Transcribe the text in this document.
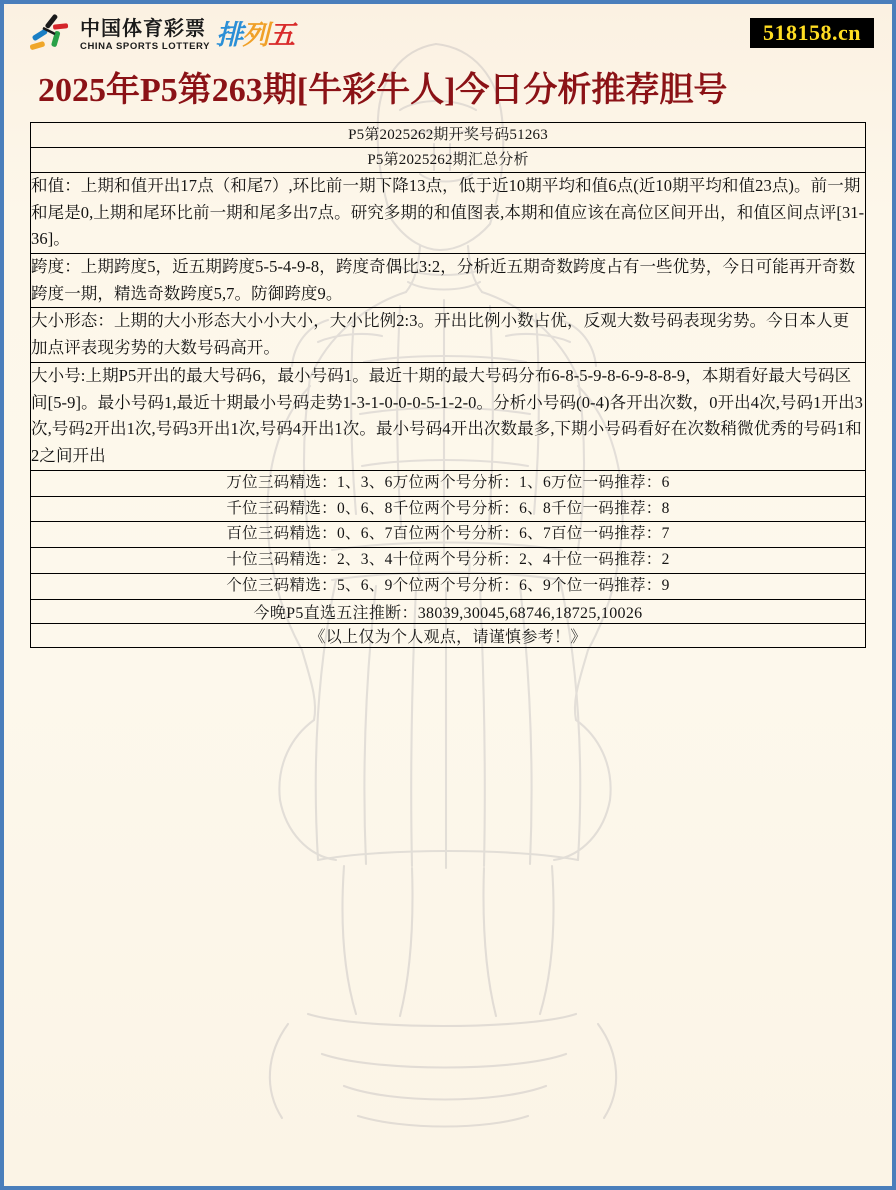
中国体育彩票
CHINA SPORTS LOTTERY 排列五	518158.cn
2025年P5第263期[牛彩牛人]今日分析推荐胆号
P5第2025262期开奖号码51263
P5第2025262期汇总分析
和值：上期和值开出17点（和尾7）,环比前一期下降13点，低于近10期平均和值6点(近10期平均和值23点)。前一期和尾是0,上期和尾环比前一期和尾多出7点。研究多期的和值图表,本期和值应该在高位区间开出，和值区间点评[31-36]。
跨度：上期跨度5，近五期跨度5-5-4-9-8，跨度奇偶比3:2，分析近五期奇数跨度占有一些优势，今日可能再开奇数跨度一期，精选奇数跨度5,7。防御跨度9。
大小形态：上期的大小形态大小小大小，大小比例2:3。开出比例小数占优，反观大数号码表现劣势。今日本人更加点评表现劣势的大数号码高开。
大小号:上期P5开出的最大号码6，最小号码1。最近十期的最大号码分布6-8-5-9-8-6-9-8-8-9，本期看好最大号码区间[5-9]。最小号码1,最近十期最小号码走势1-3-1-0-0-0-5-1-2-0。分析小号码(0-4)各开出次数，0开出4次,号码1开出3次,号码2开出1次,号码3开出1次,号码4开出1次。最小号码4开出次数最多,下期小号码看好在次数稍微优秀的号码1和2之间开出
万位三码精选：1、3、6万位两个号分析：1、6万位一码推荐：6
千位三码精选：0、6、8千位两个号分析：6、8千位一码推荐：8
百位三码精选：0、6、7百位两个号分析：6、7百位一码推荐：7
十位三码精选：2、3、4十位两个号分析：2、4十位一码推荐：2
个位三码精选：5、6、9个位两个号分析：6、9个位一码推荐：9
今晚P5直选五注推断：38039,30045,68746,18725,10026
《以上仅为个人观点，请谨慎参考！》
